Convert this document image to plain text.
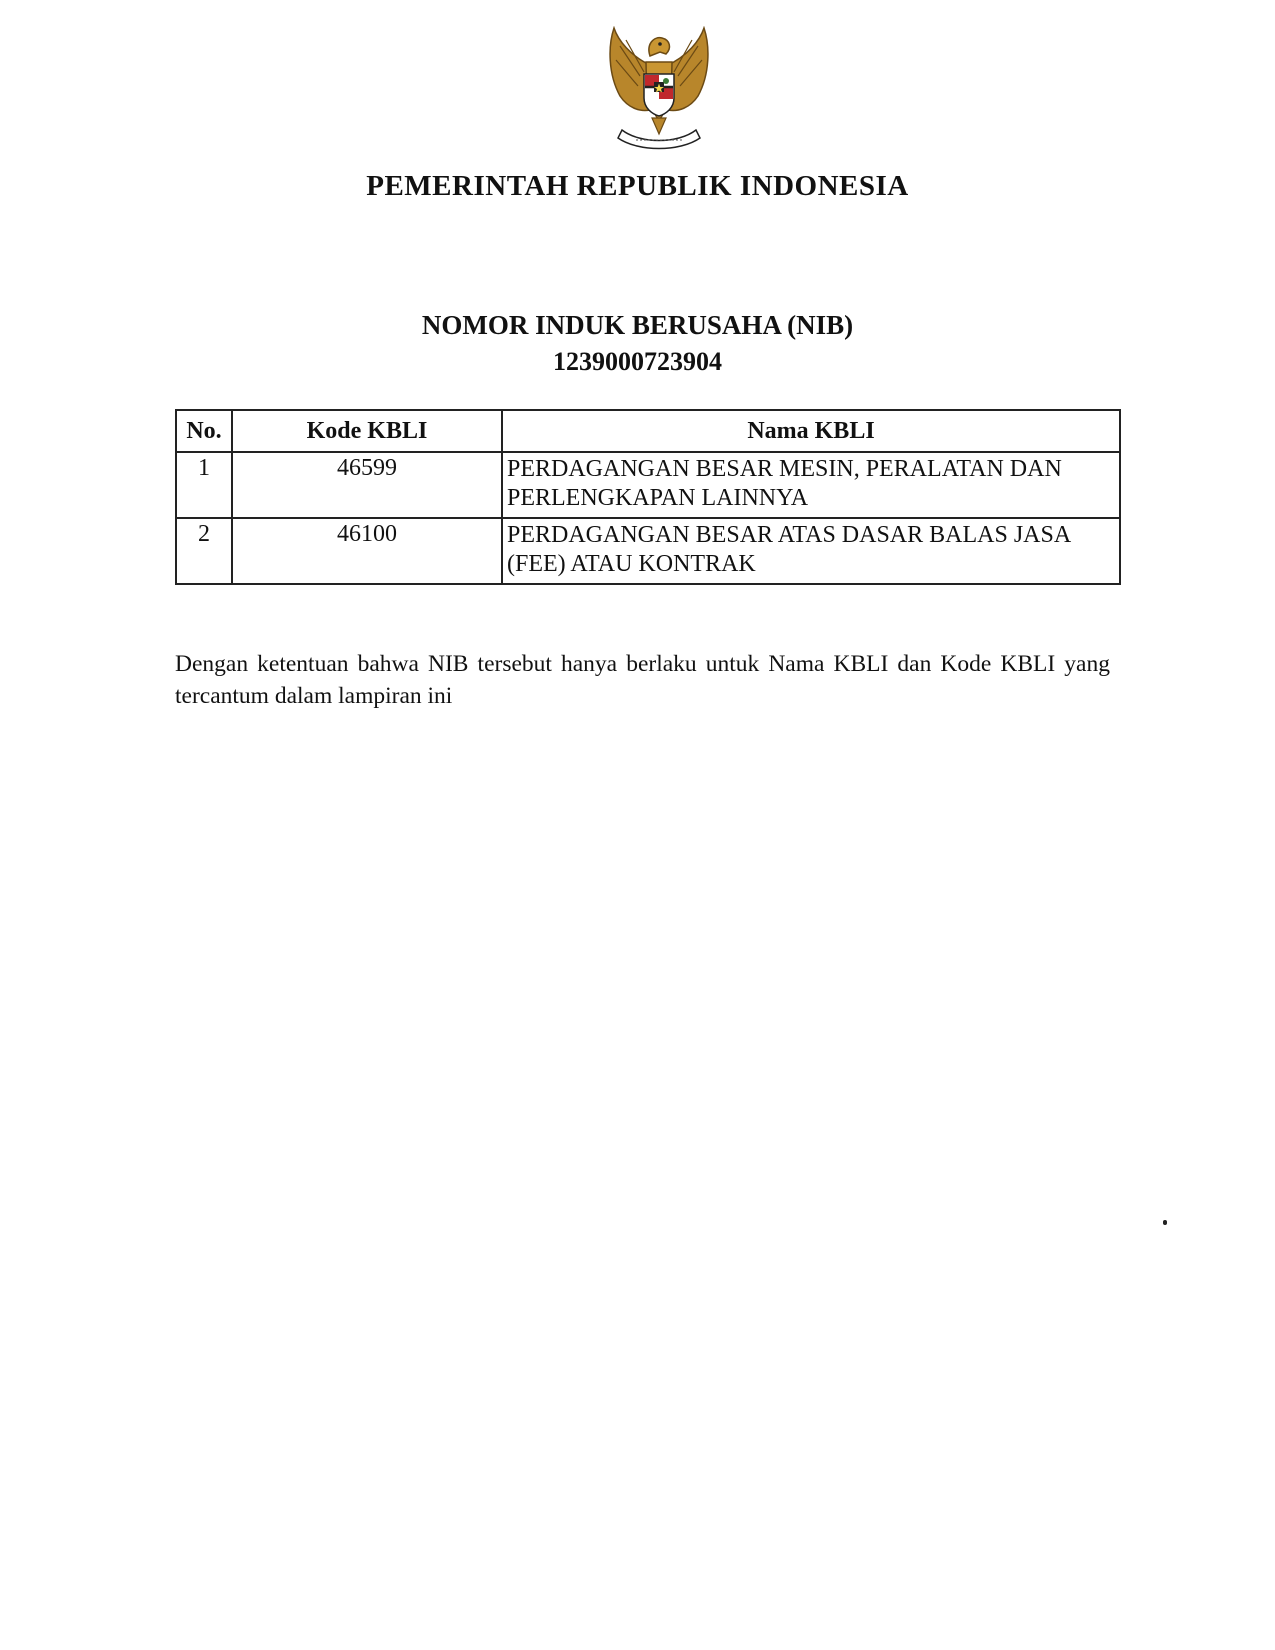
PEMERINTAH REPUBLIK INDONESIA
NOMOR INDUK BERUSAHA (NIB)
1239000723904
No.	Kode KBLI	Nama KBLI
1	46599	PERDAGANGAN BESAR MESIN, PERALATAN DAN PERLENGKAPAN LAINNYA
2	46100	PERDAGANGAN BESAR ATAS DASAR BALAS JASA (FEE) ATAU KONTRAK
Dengan ketentuan bahwa NIB tersebut hanya berlaku untuk Nama KBLI dan Kode KBLI yang tercantum dalam lampiran ini
